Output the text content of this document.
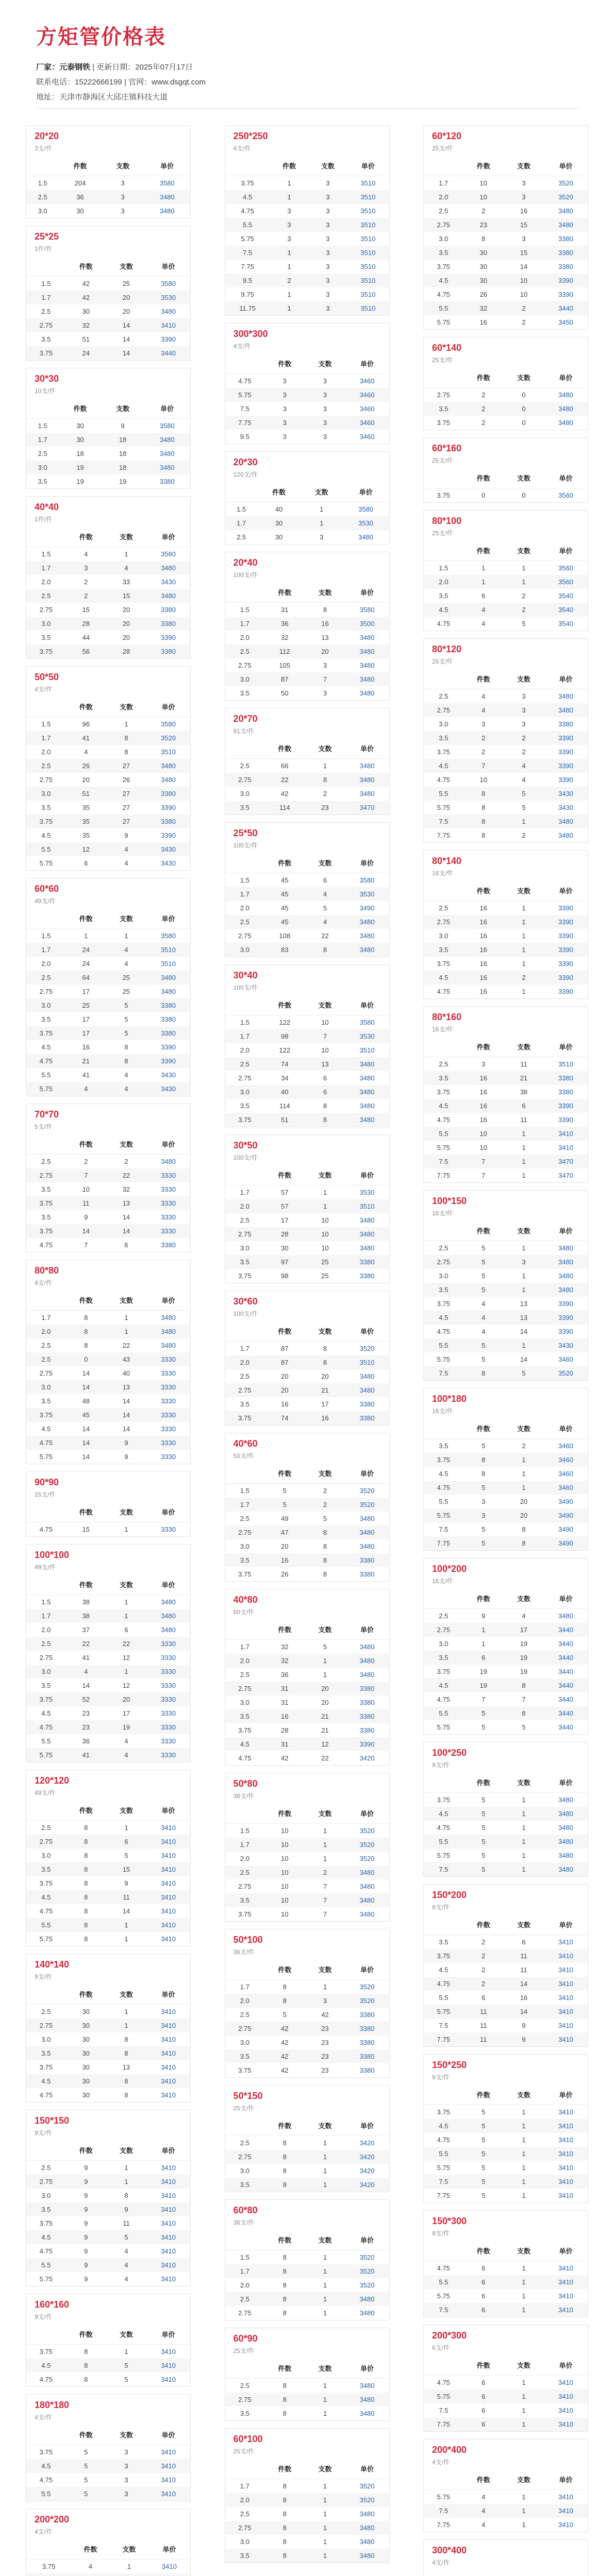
方矩管价格表
厂家：元泰钢铁 | 更新日期：2025年07月17日
联系电话：15222666199 | 官网：www.dsgqt.com
地址：天津市静海区大邱庄镇科技大道
20*20
3支/件
	件数	支数	单价
1.5	204	3	3580
2.5	36	3	3480
3.0	30	3	3480
25*25
1件/件
	件数	支数	单价
1.5	42	25	3580
1.7	42	20	3530
2.5	30	20	3480
2.75	32	14	3410
3.5	51	14	3390
3.75	24	14	3440
30*30
10支/件
	件数	支数	单价
1.5	30	9	3580
1.7	30	18	3480
2.5	18	18	3480
3.0	19	18	3480
3.5	19	19	3380
40*40
1件/件
	件数	支数	单价
1.5	4	1	3580
1.7	3	4	3480
2.0	2	33	3430
2.5	2	15	3480
2.75	15	20	3380
3.0	28	20	3380
3.5	44	20	3390
3.75	56	28	3380
50*50
4支/件
	件数	支数	单价
1.5	96	1	3580
1.7	41	8	3520
2.0	4	8	3510
2.5	26	27	3480
2.75	20	26	3480
3.0	51	27	3380
3.5	35	27	3390
3.75	35	27	3380
4.5	35	9	3390
5.5	12	4	3430
5.75	6	4	3430
60*60
49支/件
	件数	支数	单价
1.5	1	1	3580
1.7	24	4	3510
2.0	24	4	3510
2.5	64	25	3480
2.75	17	25	3480
3.0	25	5	3380
3.5	17	5	3380
3.75	17	5	3380
4.5	16	8	3390
4.75	21	8	3390
5.5	41	4	3430
5.75	4	4	3430
70*70
5支/件
	件数	支数	单价
2.5	2	2	3480
2.75	7	22	3330
3.5	10	32	3330
3.75	11	13	3330
3.5	9	14	3330
3.75	14	14	3330
4.75	7	6	3380
80*80
4支/件
	件数	支数	单价
1.7	8	1	3480
2.0	8	1	3480
2.5	8	22	3480
2.5	0	43	3330
2.75	14	40	3330
3.0	14	13	3330
3.5	48	14	3330
3.75	45	14	3330
4.5	14	14	3330
4.75	14	9	3330
5.75	14	9	3330
90*90
25支/件
	件数	支数	单价
4.75	15	1	3330
100*100
49支/件
	件数	支数	单价
1.5	38	1	3480
1.7	38	1	3480
2.0	37	6	3480
2.5	22	22	3330
2.75	41	12	3330
3.0	4	1	3330
3.5	14	12	3330
3.75	52	20	3330
4.5	23	17	3330
4.75	23	19	3330
5.5	36	4	3330
5.75	41	4	3330
120*120
49支/件
	件数	支数	单价
2.5	8	1	3410
2.75	8	6	3410
3.0	8	5	3410
3.5	8	15	3410
3.75	8	9	3410
4.5	8	11	3410
4.75	8	14	3410
5.5	8	1	3410
5.75	8	1	3410
140*140
9支/件
	件数	支数	单价
2.5	30	1	3410
2.75	30	1	3410
3.0	30	8	3410
3.5	30	8	3410
3.75	30	13	3410
4.5	30	8	3410
4.75	30	8	3410
150*150
9支/件
	件数	支数	单价
2.5	9	1	3410
2.75	9	1	3410
3.0	9	8	3410
3.5	9	9	3410
3.75	9	11	3410
4.5	9	5	3410
4.75	9	4	3410
5.5	9	4	3410
5.75	9	4	3410
160*160
9支/件
	件数	支数	单价
3.75	8	1	3410
4.5	8	5	3410
4.75	8	5	3410
180*180
4支/件
	件数	支数	单价
3.75	5	3	3410
4.5	5	3	3410
4.75	5	3	3410
5.5	5	3	3410
200*200
4支/件
	件数	支数	单价
3.75	4	1	3410

250*250
4支/件
	件数	支数	单价
3.75	1	3	3510
4.5	1	3	3510
4.75	3	3	3510
5.5	3	3	3510
5.75	3	3	3510
7.5	1	3	3510
7.75	1	3	3510
9.5	2	3	3510
9.75	1	3	3510
11.75	1	3	3510
300*300
4支/件
	件数	支数	单价
4.75	3	3	3460
5.75	3	3	3460
7.5	3	3	3460
7.75	3	3	3460
9.5	3	3	3460
20*30
120支/件
	件数	支数	单价
1.5	40	1	3580
1.7	30	1	3530
2.5	30	3	3480
20*40
100支/件
	件数	支数	单价
1.5	31	8	3580
1.7	36	16	3500
2.0	32	13	3480
2.5	112	20	3480
2.75	105	3	3480
3.0	87	7	3480
3.5	50	3	3480
20*70
81支/件
	件数	支数	单价
2.5	66	1	3480
2.75	22	8	3480
3.0	42	2	3480
3.5	114	23	3470
25*50
100支/件
	件数	支数	单价
1.5	45	6	3580
1.7	45	4	3530
2.0	45	5	3490
2.5	45	4	3480
2.75	108	22	3480
3.0	83	8	3480
30*40
100支/件
	件数	支数	单价
1.5	122	10	3580
1.7	98	7	3530
2.0	122	10	3510
2.5	74	13	3480
2.75	34	6	3480
3.0	40	6	3480
3.5	114	8	3480
3.75	51	8	3480
30*50
100支/件
	件数	支数	单价
1.7	57	1	3530
2.0	57	1	3510
2.5	17	10	3480
2.75	28	10	3480
3.0	30	10	3480
3.5	97	25	3380
3.75	98	25	3380
30*60
100支/件
	件数	支数	单价
1.7	87	8	3520
2.0	87	8	3510
2.5	20	20	3480
2.75	20	21	3480
3.5	16	17	3380
3.75	74	16	3380
40*60
50支/件
	件数	支数	单价
1.5	5	2	3520
1.7	5	2	3520
2.5	49	5	3480
2.75	47	8	3480
3.0	20	8	3480
3.5	16	8	3380
3.75	26	8	3380
40*80
50支/件
	件数	支数	单价
1.7	32	5	3480
2.0	32	1	3480
2.5	36	1	3480
2.75	31	20	3380
3.0	31	20	3380
3.5	16	21	3380
3.75	28	21	3380
4.5	31	12	3390
4.75	42	22	3420
50*80
36支/件
	件数	支数	单价
1.5	10	1	3520
1.7	10	1	3520
2.0	10	1	3520
2.5	10	2	3480
2.75	10	7	3480
3.5	10	7	3480
3.75	10	7	3480
50*100
36支/件
	件数	支数	单价
1.7	8	1	3520
2.0	8	3	3520
2.5	5	42	3380
2.75	42	23	3380
3.0	42	23	3380
3.5	42	23	3380
3.75	42	23	3380
50*150
25支/件
	件数	支数	单价
2.5	8	1	3420
2.75	8	1	3420
3.0	8	1	3420
3.5	8	1	3420
60*80
36支/件
	件数	支数	单价
1.5	8	1	3520
1.7	8	1	3520
2.0	8	1	3520
2.5	8	1	3480
2.75	8	1	3480
60*90
25支/件
	件数	支数	单价
2.5	8	1	3480
2.75	8	1	3480
3.5	8	1	3480
60*100
25支/件
	件数	支数	单价
1.7	8	1	3520
2.0	8	1	3520
2.5	8	1	3480
2.75	8	1	3480
3.0	8	1	3480
3.5	8	1	3480
60*120
25支/件
	件数	支数	单价
1.7	10	3	3520
2.0	10	3	3520
2.5	2	16	3480
2.75	23	15	3480
3.0	8	3	3380
3.5	30	15	3380
3.75	30	14	3380
4.5	30	10	3390
4.75	26	10	3390
5.5	32	2	3440
5.75	16	2	3450
60*140
25支/件
	件数	支数	单价
2.75	2	0	3480
3.5	2	0	3480
3.75	2	0	3480
60*160
25支/件
	件数	支数	单价
3.75	0	0	3560
80*100
25支/件
	件数	支数	单价
1.5	1	1	3560
2.0	1	1	3560
3.5	6	2	3540
4.5	4	2	3540
4.75	4	5	3540
80*120
25支/件
	件数	支数	单价
2.5	4	3	3480
2.75	4	3	3480
3.0	3	3	3380
3.5	2	2	3390
3.75	2	2	3390
4.5	7	4	3390
4.75	10	4	3390
5.5	8	5	3430
5.75	8	5	3430
7.5	8	1	3480
7.75	8	2	3480
80*140
16支/件
	件数	支数	单价
2.5	16	1	3390
2.75	16	1	3390
3.0	16	1	3390
3.5	16	1	3390
3.75	16	1	3390
4.5	16	2	3390
4.75	16	1	3390
80*160
16支/件
	件数	支数	单价
2.5	3	11	3510
3.5	16	21	3380
3.75	16	38	3380
4.5	16	6	3390
4.75	16	11	3390
5.5	10	1	3410
5.75	10	1	3410
7.5	7	1	3470
7.75	7	1	3470
100*150
16支/件
	件数	支数	单价
2.5	5	1	3480
2.75	5	3	3480
3.0	5	1	3480
3.5	5	1	3480
3.75	4	13	3390
4.5	4	13	3390
4.75	4	14	3390
5.5	5	1	3430
5.75	5	14	3460
7.5	8	5	3520
100*180
16支/件
	件数	支数	单价
3.5	5	2	3460
3.75	8	1	3460
4.5	8	1	3460
4.75	5	1	3460
5.5	3	20	3490
5.75	3	20	3490
7.5	5	8	3490
7.75	5	8	3490
100*200
16支/件
	件数	支数	单价
2.5	9	4	3480
2.75	1	17	3440
3.0	1	19	3440
3.5	6	19	3440
3.75	19	19	3440
4.5	19	8	3440
4.75	7	7	3440
5.5	5	8	3440
5.75	5	5	3440
100*250
9支/件
	件数	支数	单价
3.75	5	1	3480
4.5	5	1	3480
4.75	5	1	3480
5.5	5	1	3480
5.75	5	1	3480
7.5	5	1	3480
150*200
9支/件
	件数	支数	单价
3.5	2	6	3410
3.75	2	11	3410
4.5	2	11	3410
4.75	2	14	3410
5.5	6	16	3410
5.75	11	14	3410
7.5	11	9	3410
7.75	11	9	3410
150*250
9支/件
	件数	支数	单价
3.75	5	1	3410
4.5	5	1	3410
4.75	5	1	3410
5.5	5	1	3410
5.75	5	1	3410
7.5	5	1	3410
7.75	5	1	3410
150*300
9支/件
	件数	支数	单价
4.75	6	1	3410
5.5	6	1	3410
5.75	6	1	3410
7.5	6	1	3410
200*300
6支/件
	件数	支数	单价
4.75	6	1	3410
5.75	6	1	3410
7.5	6	1	3410
7.75	6	1	3410
200*400
4支/件
	件数	支数	单价
5.75	4	1	3410
7.5	4	1	3410
7.75	4	1	3410
300*400
4支/件
